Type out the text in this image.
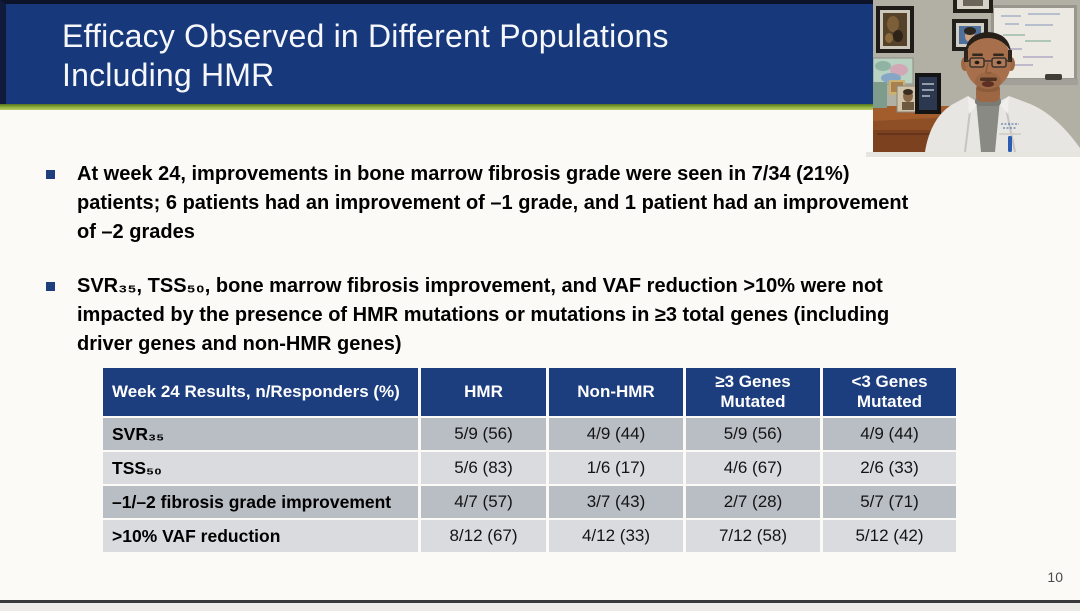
Efficacy Observed in Different Populations
Including HMR
At week 24, improvements in bone marrow fibrosis grade were seen in 7/34 (21%)
patients; 6 patients had an improvement of –1 grade, and 1 patient had an improvement
of –2 grades
SVR₃₅, TSS₅₀, bone marrow fibrosis improvement, and VAF reduction >10% were not
impacted by the presence of HMR mutations or mutations in ≥3 total genes (including
driver genes and non-HMR genes)
Week 24 Results, n/Responders (%)	HMR	Non-HMR	≥3 Genes Mutated	<3 Genes Mutated
SVR₃₅	5/9 (56)	4/9 (44)	5/9 (56)	4/9 (44)
TSS₅₀	5/6 (83)	1/6 (17)	4/6 (67)	2/6 (33)
–1/–2 fibrosis grade improvement	4/7 (57)	3/7 (43)	2/7 (28)	5/7 (71)
>10% VAF reduction	8/12 (67)	4/12 (33)	7/12 (58)	5/12 (42)
10
